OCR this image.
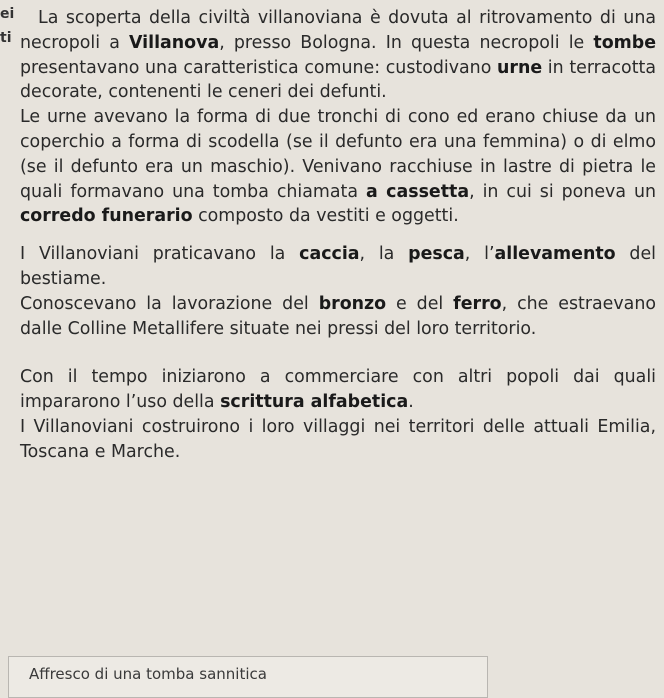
ei
ti

La scoperta della civiltà villanoviana è dovuta al ritrovamento di una necropoli a Villanova, presso Bologna. In questa necropoli le tombe presentavano una caratteristica comune: custodivano urne in terracotta decorate, contenenti le ceneri dei defunti.

Le urne avevano la forma di due tronchi di cono ed erano chiuse da un coperchio a forma di scodella (se il defunto era una femmina) o di elmo (se il defunto era un maschio). Venivano racchiuse in lastre di pietra le quali formavano una tomba chiamata a cassetta, in cui si poneva un corredo funerario composto da vestiti e oggetti.

I Villanoviani praticavano la caccia, la pesca, l’allevamento del bestiame.

Conoscevano la lavorazione del bronzo e del ferro, che estraevano dalle Colline Metallifere situate nei pressi del loro territorio.

Con il tempo iniziarono a commerciare con altri popoli dai quali impararono l’uso della scrittura alfabetica.

I Villanoviani costruirono i loro villaggi nei territori delle attuali Emilia, Toscana e Marche.

Affresco di una tomba sannitica
